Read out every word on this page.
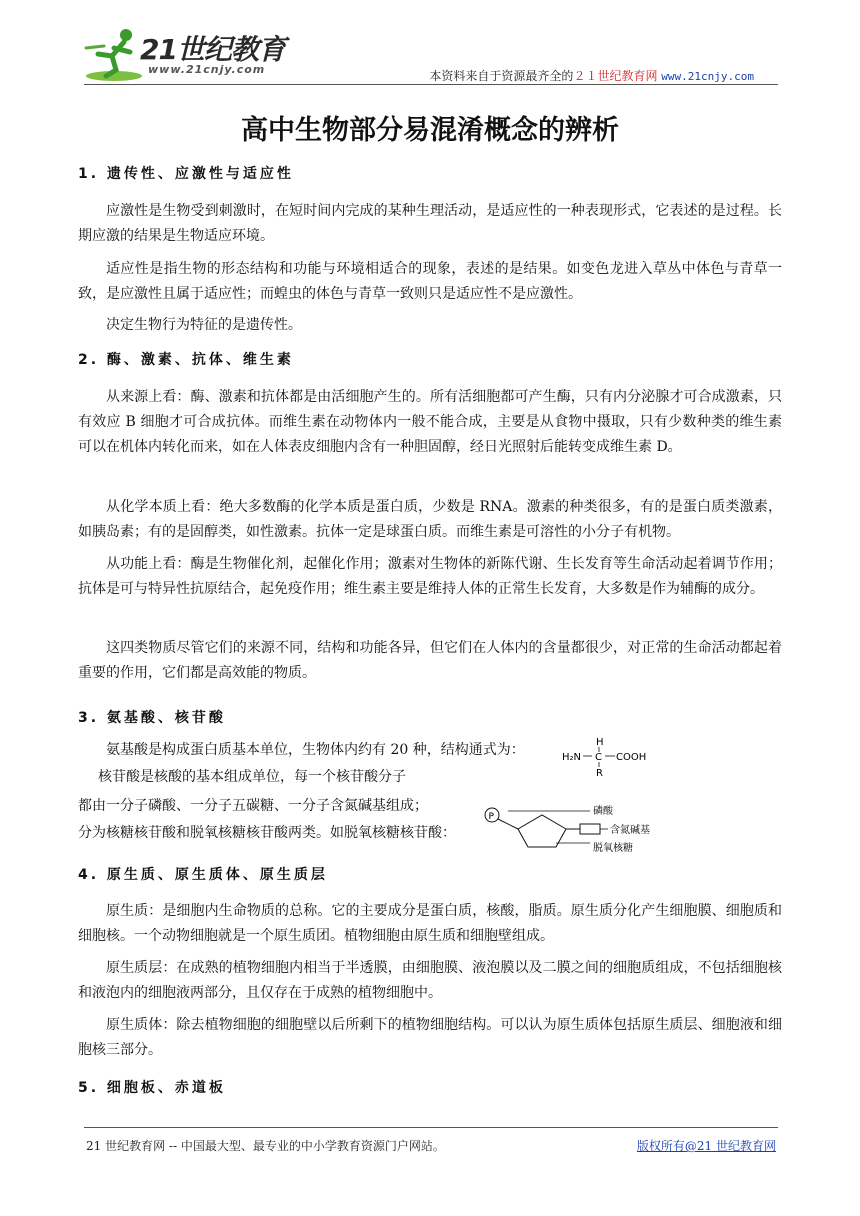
21世纪教育
www.21cnjy.com	本资料来自于资源最齐全的２１世纪教育网 www.21cnjy.com
高中生物部分易混淆概念的辨析
1. 遗传性、应激性与适应性

应激性是生物受到刺激时，在短时间内完成的某种生理活动，是适应性的一种表现形式，它表述的是过程。长期应激的结果是生物适应环境。

适应性是指生物的形态结构和功能与环境相适合的现象，表述的是结果。如变色龙进入草丛中体色与青草一致，是应激性且属于适应性；而蝗虫的体色与青草一致则只是适应性不是应激性。

决定生物行为特征的是遗传性。

2. 酶、激素、抗体、维生素

从来源上看：酶、激素和抗体都是由活细胞产生的。所有活细胞都可产生酶，只有内分泌腺才可合成激素，只有效应 B 细胞才可合成抗体。而维生素在动物体内一般不能合成，主要是从食物中摄取，只有少数种类的维生素可以在机体内转化而来，如在人体表皮细胞内含有一种胆固醇，经日光照射后能转变成维生素 D。

从化学本质上看：绝大多数酶的化学本质是蛋白质，少数是 RNA。激素的种类很多，有的是蛋白质类激素，如胰岛素；有的是固醇类，如性激素。抗体一定是球蛋白质。而维生素是可溶性的小分子有机物。

从功能上看：酶是生物催化剂，起催化作用；激素对生物体的新陈代谢、生长发育等生命活动起着调节作用；抗体是可与特异性抗原结合，起免疫作用；维生素主要是维持人体的正常生长发育，大多数是作为辅酶的成分。

这四类物质尽管它们的来源不同，结构和功能各异，但它们在人体内的含量都很少，对正常的生命活动都起着重要的作用，它们都是高效能的物质。

3. 氨基酸、核苷酸
氨基酸是构成蛋白质基本单位，生物体内约有 20 种，结构通式为：
核苷酸是核酸的基本组成单位，每一个核苷酸分子
都由一分子磷酸、一分子五碳糖、一分子含氮碱基组成；
分为核糖核苷酸和脱氧核糖核苷酸两类。如脱氧核糖核苷酸：
H
H₂N C COOH
R
P	磷酸
含氮碱基
脱氧核糖
4. 原生质、原生质体、原生质层

原生质：是细胞内生命物质的总称。它的主要成分是蛋白质，核酸，脂质。原生质分化产生细胞膜、细胞质和细胞核。一个动物细胞就是一个原生质团。植物细胞由原生质和细胞壁组成。

原生质层：在成熟的植物细胞内相当于半透膜，由细胞膜、液泡膜以及二膜之间的细胞质组成，不包括细胞核和液泡内的细胞液两部分，且仅存在于成熟的植物细胞中。

原生质体：除去植物细胞的细胞壁以后所剩下的植物细胞结构。可以认为原生质体包括原生质层、细胞液和细胞核三部分。

5. 细胞板、赤道板
21 世纪教育网 -- 中国最大型、最专业的中小学教育资源门户网站。	版权所有@21 世纪教育网
